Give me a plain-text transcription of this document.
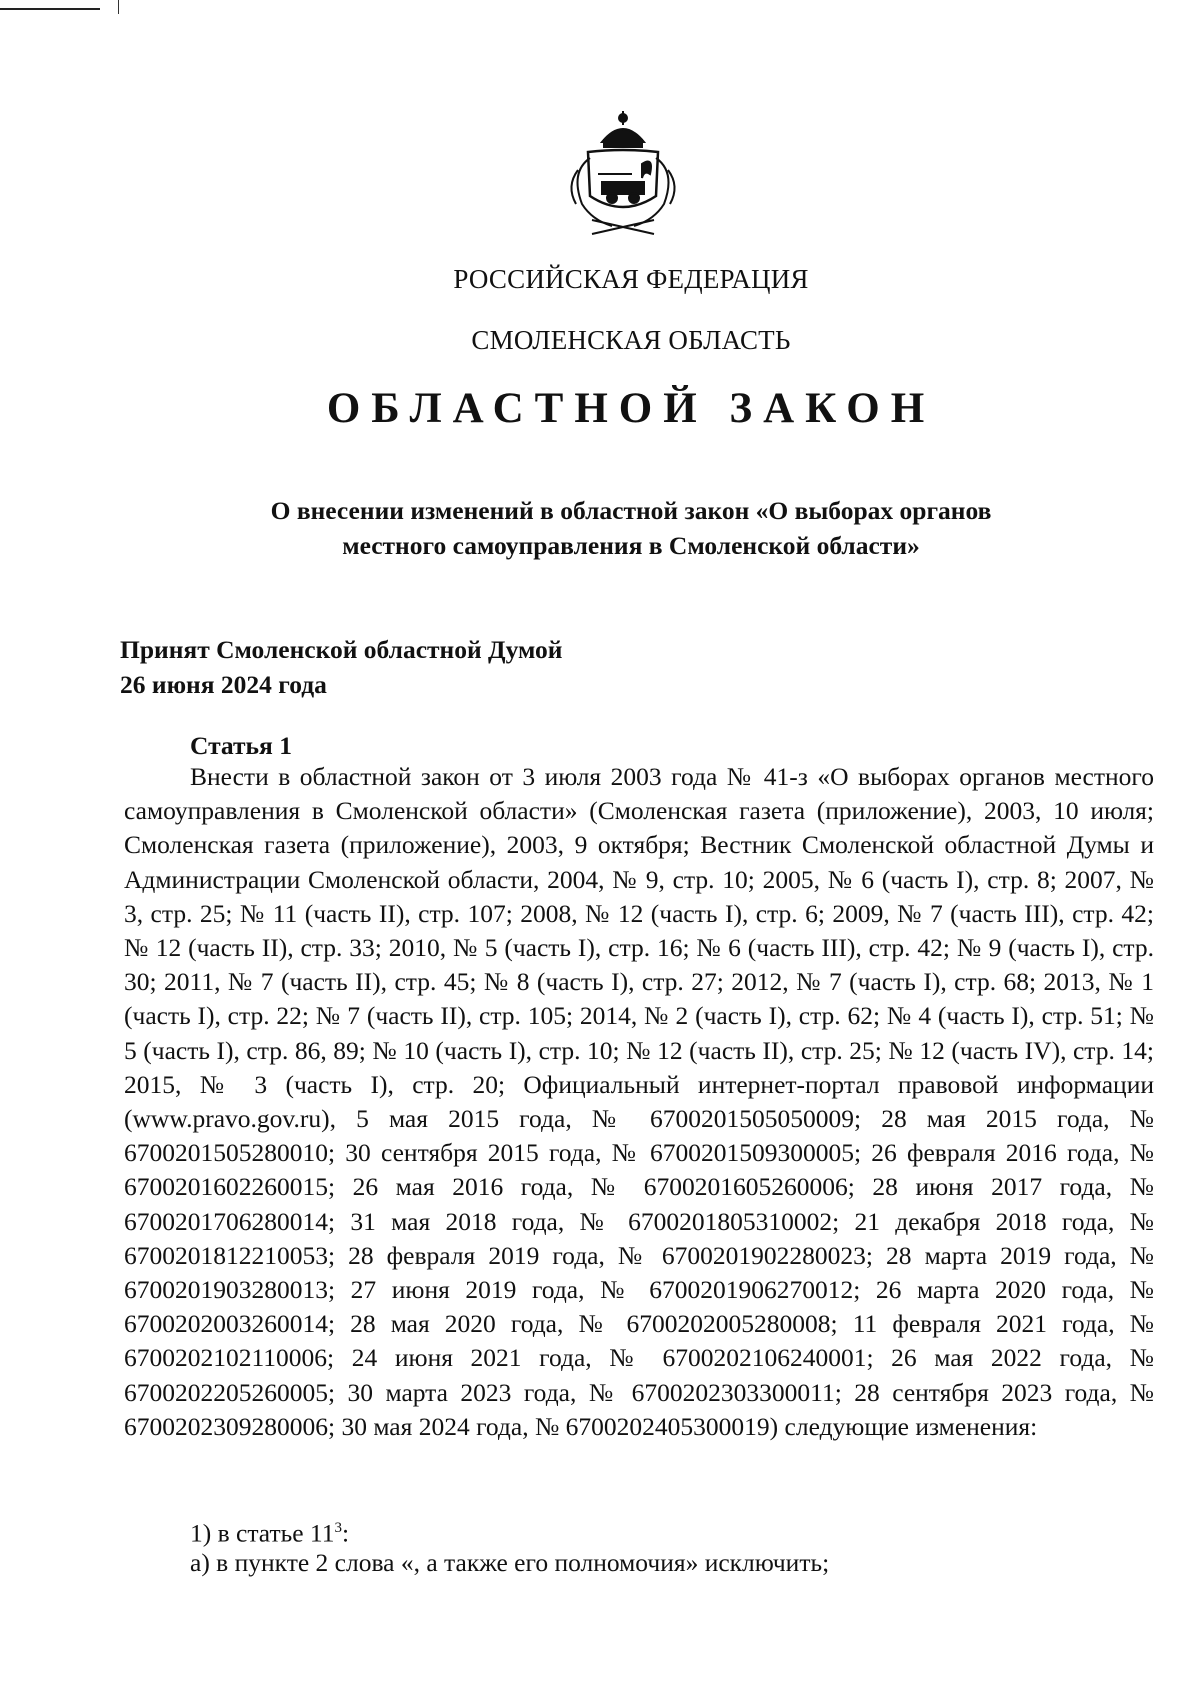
РОССИЙСКАЯ ФЕДЕРАЦИЯ
СМОЛЕНСКАЯ ОБЛАСТЬ
ОБЛАСТНОЙ ЗАКОН
О внесении изменений в областной закон «О выборах органов
местного самоуправления в Смоленской области»
Принят Смоленской областной Думой
26 июня 2024 года
Статья 1

Внести в областной закон от 3 июля 2003 года № 41-з «О выборах органов местного самоуправления в Смоленской области» (Смоленская газета (приложение), 2003, 10 июля; Смоленская газета (приложение), 2003, 9 октября; Вестник Смоленской областной Думы и Администрации Смоленской области, 2004, № 9, стр. 10; 2005, № 6 (часть I), стр. 8; 2007, № 3, стр. 25; № 11 (часть II), стр. 107; 2008, № 12 (часть I), стр. 6; 2009, № 7 (часть III), стр. 42; № 12 (часть II), стр. 33; 2010, № 5 (часть I), стр. 16; № 6 (часть III), стр. 42; № 9 (часть I), стр. 30; 2011, № 7 (часть II), стр. 45; № 8 (часть I), стр. 27; 2012, № 7 (часть I), стр. 68; 2013, № 1 (часть I), стр. 22; № 7 (часть II), стр. 105; 2014, № 2 (часть I), стр. 62; № 4 (часть I), стр. 51; № 5 (часть I), стр. 86, 89; № 10 (часть I), стр. 10; № 12 (часть II), стр. 25; № 12 (часть IV), стр. 14; 2015, № 3 (часть I), стр. 20; Официальный интернет-портал правовой информации (www.pravo.gov.ru), 5 мая 2015 года, № 6700201505050009; 28 мая 2015 года, № 6700201505280010; 30 сентября 2015 года, № 6700201509300005; 26 февраля 2016 года, № 6700201602260015; 26 мая 2016 года, № 6700201605260006; 28 июня 2017 года, № 6700201706280014; 31 мая 2018 года, № 6700201805310002; 21 декабря 2018 года, № 6700201812210053; 28 февраля 2019 года, № 6700201902280023; 28 марта 2019 года, № 6700201903280013; 27 июня 2019 года, № 6700201906270012; 26 марта 2020 года, № 6700202003260014; 28 мая 2020 года, № 6700202005280008; 11 февраля 2021 года, № 6700202102110006; 24 июня 2021 года, № 6700202106240001; 26 мая 2022 года, № 6700202205260005; 30 марта 2023 года, № 6700202303300011; 28 сентября 2023 года, № 6700202309280006; 30 мая 2024 года, № 6700202405300019) следующие изменения:

1) в статье $11^3$:
а) в пункте 2 слова «, а также его полномочия» исключить;
